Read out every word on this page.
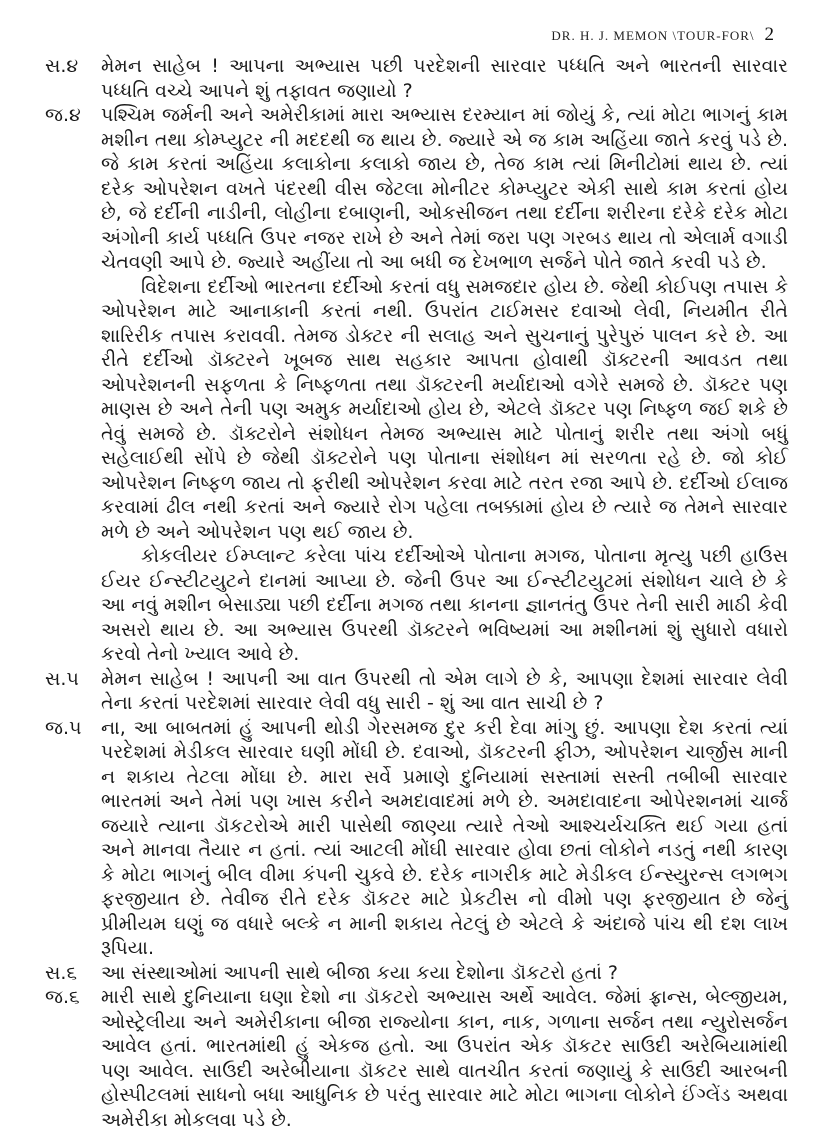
DR. H. J. MEMON \TOUR-FOR\ 2
સ.૪	મેમન સાહેબ ! આપના અભ્યાસ પછી પરદેશની સારવાર પધ્ધતિ અને ભારતની સારવાર પધ્ધતિ વચ્ચે આપને શું તફાવત જણાયો ?

જ.૪	પશ્ચિમ જર્મની અને અમેરીકામાં મારા અભ્યાસ દરમ્યાન માં જોયું કે, ત્યાં મોટા ભાગનું કામ મશીન તથા કોમ્પ્યુટર ની મદદથી જ થાય છે. જ્યારે એ જ કામ અહિંયા જાતે કરવું પડે છે. જે કામ કરતાં અહિંયા કલાકોના કલાકો જાય છે, તેજ કામ ત્યાં મિનીટોમાં થાય છે. ત્યાં દરેક ઓપરેશન વખતે પંદરથી વીસ જેટલા મોનીટર કોમ્પ્યુટર એકી સાથે કામ કરતાં હોય છે, જે દર્દીની નાડીની, લોહીના દબાણની, ઓકસીજન તથા દર્દીના શરીરના દરેકે દરેક મોટા અંગોની કાર્ય પધ્ધતિ ઉપર નજર રાખે છે અને તેમાં જરા પણ ગરબડ થાય તો એલાર્મ વગાડી ચેતવણી આપે છે. જ્યારે અહીંયા તો આ બધી જ દેખભાળ સર્જને પોતે જાતે કરવી પડે છે.

વિદેશના દર્દીઓ ભારતના દર્દીઓ કરતાં વધુ સમજદાર હોય છે. જેથી કોઈપણ તપાસ કે ઓપરેશન માટે આનાકાની કરતાં નથી. ઉપરાંત ટાઈમસર દવાઓ લેવી, નિયમીત રીતે શારિરીક તપાસ કરાવવી. તેમજ ડોક્ટર ની સલાહ અને સુચનાનું પુરેપુરું પાલન કરે છે. આ રીતે દર્દીઓ ડૉક્ટરને ખૂબજ સાથ સહકાર આપતા હોવાથી ડૉક્ટરની આવડત તથા ઓપરેશનની સફળતા કે નિષ્ફળતા તથા ડૉક્ટરની મર્યાદાઓ વગેરે સમજે છે. ડૉક્ટર પણ માણસ છે અને તેની પણ અમુક મર્યાદાઓ હોય છે, એટલે ડૉક્ટર પણ નિષ્ફળ જઈ શકે છે તેવું સમજે છે. ડૉક્ટરોને સંશોધન તેમજ અભ્યાસ માટે પોતાનું શરીર તથા અંગો બધું સહેલાઈથી સોંપે છે જેથી ડૉક્ટરોને પણ પોતાના સંશોધન માં સરળતા રહે છે. જો કોઈ ઓપરેશન નિષ્ફળ જાય તો ફરીથી ઓપરેશન કરવા માટે તરત રજા આપે છે. દર્દીઓ ઈલાજ કરવામાં ઢીલ નથી કરતાં અને જ્યારે રોગ પહેલા તબક્કામાં હોય છે ત્યારે જ તેમને સારવાર મળે છે અને ઓપરેશન પણ થઈ જાય છે.

કોકલીયર ઈમ્પ્લાન્ટ કરેલા પાંચ દર્દીઓએ પોતાના મગજ, પોતાના મૃત્યુ પછી હાઉસ ઈયર ઈન્સ્ટીટયુટને દાનમાં આપ્યા છે. જેની ઉપર આ ઈન્સ્ટીટયુટમાં સંશોધન ચાલે છે કે આ નવું મશીન બેસાડ્યા પછી દર્દીના મગજ તથા કાનના જ્ઞાનતંતુ ઉપર તેની સારી માઠી કેવી અસરો થાય છે. આ અભ્યાસ ઉપરથી ડૉક્ટરને ભવિષ્યમાં આ મશીનમાં શું સુધારો વધારો કરવો તેનો ખ્યાલ આવે છે.

સ.૫	મેમન સાહેબ ! આપની આ વાત ઉપરથી તો એમ લાગે છે કે, આપણા દેશમાં સારવાર લેવી તેના કરતાં પરદેશમાં સારવાર લેવી વધુ સારી - શું આ વાત સાચી છે ?

જ.૫	ના, આ બાબતમાં હું આપની થોડી ગેરસમજ દુર કરી દેવા માંગુ છું. આપણા દેશ કરતાં ત્યાં પરદેશમાં મેડીકલ સારવાર ઘણી મોંઘી છે. દવાઓ, ડૉકટરની ફીઝ, ઓપરેશન ચાર્જીસ માની ન શકાય તેટલા મોંઘા છે. મારા સર્વે પ્રમાણે દુનિયામાં સસ્તામાં સસ્તી તબીબી સારવાર ભારતમાં અને તેમાં પણ ખાસ કરીને અમદાવાદમાં મળે છે. અમદાવાદના ઓપેરશનમાં ચાર્જ જયારે ત્યાના ડૉકટરોએ મારી પાસેથી જાણ્યા ત્યારે તેઓ આશ્ચર્યચક્તિ થઈ ગયા હતાં અને માનવા તૈયાર ન હતાં. ત્યાં આટલી મોંઘી સારવાર હોવા છતાં લોકોને નડતું નથી કારણ કે મોટા ભાગનું બીલ વીમા કંપની ચુકવે છે. દરેક નાગરીક માટે મેડીકલ ઈન્સ્યુરન્સ લગભગ ફરજીયાત છે. તેવીજ રીતે દરેક ડૉકટર માટે પ્રેકટીસ નો વીમો પણ ફરજીયાત છે જેનું પ્રીમીયમ ઘણું જ વધારે બલ્કે ન માની શકાય તેટલું છે એટલે કે અંદાજે પાંચ થી દશ લાખ રૂપિયા.

સ.૬	આ સંસ્થાઓમાં આપની સાથે બીજા કયા કયા દેશોના ડૉકટરો હતાં ?

જ.૬	મારી સાથે દુનિયાના ઘણા દેશો ના ડૉકટરો અભ્યાસ અર્થે આવેલ. જેમાં ફ્રાન્સ, બેલ્જીયમ, ઓસ્ટ્રેલીયા અને અમેરીકાના બીજા રાજ્યોના કાન, નાક, ગળાના સર્જન તથા ન્યુરોસર્જન આવેલ હતાં. ભારતમાંથી હું એકજ હતો. આ ઉપરાંત એક ડૉકટર સાઉદી અરેબિયામાંથી પણ આવેલ. સાઉદી અરેબીયાના ડૉકટર સાથે વાતચીત કરતાં જણાયું કે સાઉદી આરબની હોસ્પીટલમાં સાધનો બધા આધુનિક છે પરંતુ સારવાર માટે મોટા ભાગના લોકોને ઈંગ્લેંડ અથવા અમેરીકા મોકલવા પડે છે.
